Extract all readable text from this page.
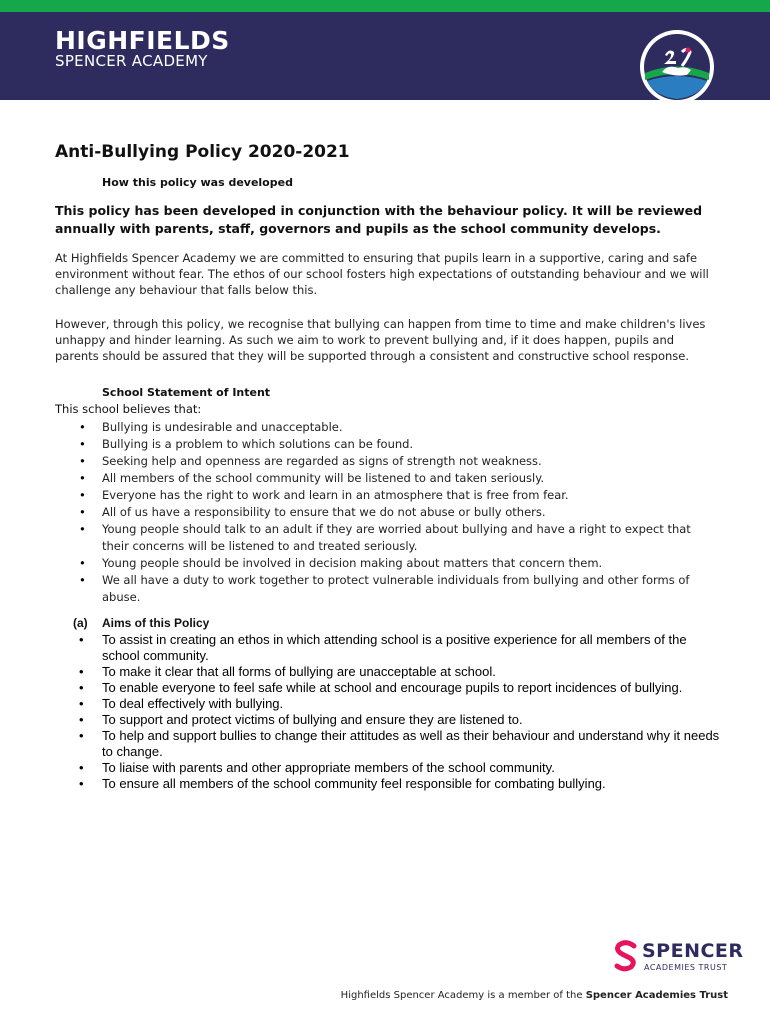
HIGHFIELDS
SPENCER ACADEMY
Anti-Bullying Policy 2020-2021
How this policy was developed

This policy has been developed in conjunction with the behaviour policy. It will be reviewed annually with parents, staff, governors and pupils as the school community develops.

At Highfields Spencer Academy we are committed to ensuring that pupils learn in a supportive, caring and safe environment without fear. The ethos of our school fosters high expectations of outstanding behaviour and we will challenge any behaviour that falls below this.

However, through this policy, we recognise that bullying can happen from time to time and make children's lives unhappy and hinder learning. As such we aim to work to prevent bullying and, if it does happen, pupils and parents should be assured that they will be supported through a consistent and constructive school response.

School Statement of Intent
This school believes that:
• Bullying is undesirable and unacceptable.
• Bullying is a problem to which solutions can be found.
• Seeking help and openness are regarded as signs of strength not weakness.
• All members of the school community will be listened to and taken seriously.
• Everyone has the right to work and learn in an atmosphere that is free from fear.
• All of us have a responsibility to ensure that we do not abuse or bully others.
• Young people should talk to an adult if they are worried about bullying and have a right to expect that their concerns will be listened to and treated seriously.
• Young people should be involved in decision making about matters that concern them.
• We all have a duty to work together to protect vulnerable individuals from bullying and other forms of abuse.
(a) Aims of this Policy
• To assist in creating an ethos in which attending school is a positive experience for all members of the school community.
• To make it clear that all forms of bullying are unacceptable at school.
• To enable everyone to feel safe while at school and encourage pupils to report incidences of bullying.
• To deal effectively with bullying.
• To support and protect victims of bullying and ensure they are listened to.
• To help and support bullies to change their attitudes as well as their behaviour and understand why it needs to change.
• To liaise with parents and other appropriate members of the school community.
• To ensure all members of the school community feel responsible for combating bullying.
SPENCER
ACADEMIES TRUST
Highfields Spencer Academy is a member of the Spencer Academies Trust
